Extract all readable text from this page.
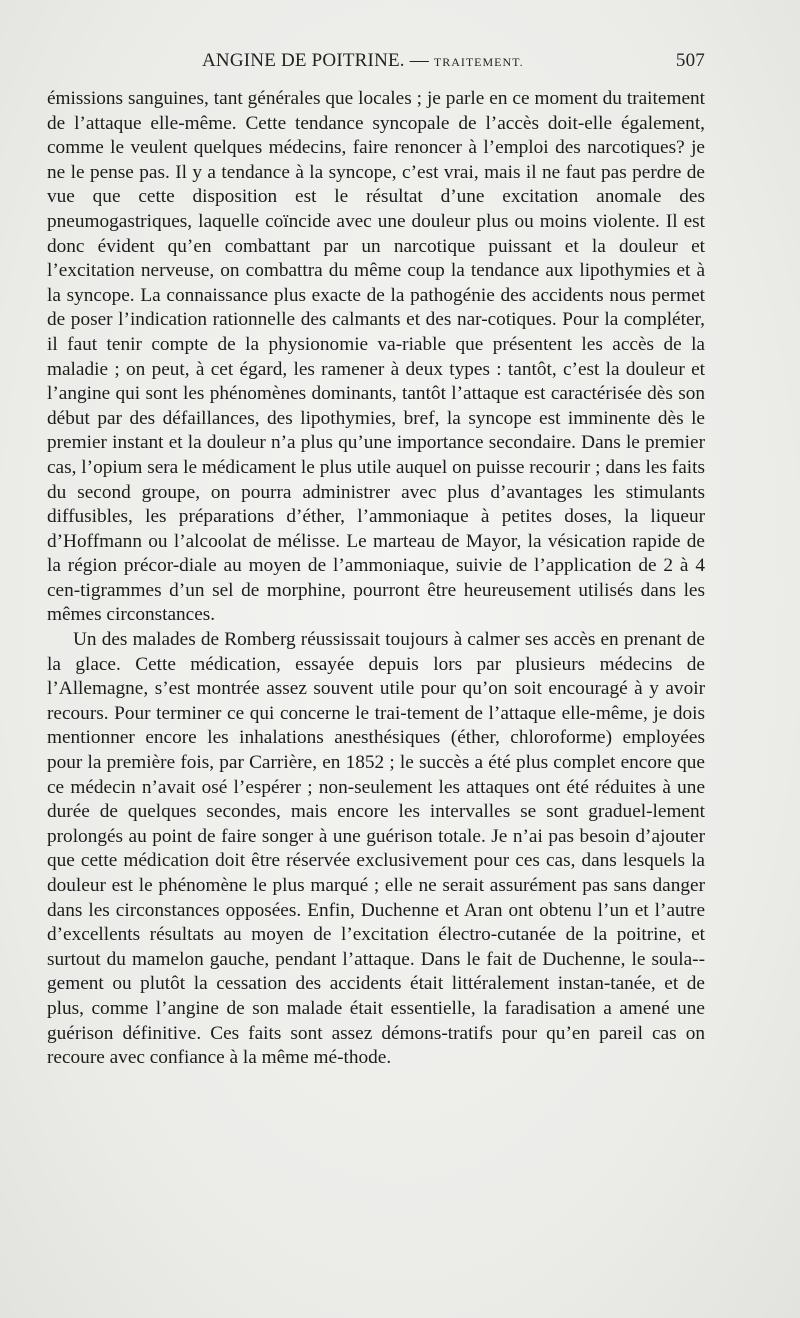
ANGINE DE POITRINE. — TRAITEMENT.	507

émissions sanguines, tant générales que locales ; je parle en ce moment du traitement de l’attaque elle-même. Cette tendance syncopale de l’accès doit-elle également, comme le veulent quelques médecins, faire renoncer à l’emploi des narcotiques? je ne le pense pas. Il y a tendance à la syncope, c’est vrai, mais il ne faut pas perdre de vue que cette disposition est le résultat d’une excitation anomale des pneumogastriques, laquelle coïncide avec une douleur plus ou moins violente. Il est donc évident qu’en combattant par un narcotique puissant et la douleur et l’excitation nerveuse, on combattra du même coup la tendance aux lipothymies et à la syncope. La connaissance plus exacte de la pathogénie des accidents nous permet de poser l’indication rationnelle des calmants et des nar-cotiques. Pour la compléter, il faut tenir compte de la physionomie va-riable que présentent les accès de la maladie ; on peut, à cet égard, les ramener à deux types : tantôt, c’est la douleur et l’angine qui sont les phénomènes dominants, tantôt l’attaque est caractérisée dès son début par des défaillances, des lipothymies, bref, la syncope est imminente dès le premier instant et la douleur n’a plus qu’une importance secondaire. Dans le premier cas, l’opium sera le médicament le plus utile auquel on puisse recourir ; dans les faits du second groupe, on pourra administrer avec plus d’avantages les stimulants diffusibles, les préparations d’éther, l’ammoniaque à petites doses, la liqueur d’Hoffmann ou l’alcoolat de mélisse. Le marteau de Mayor, la vésication rapide de la région précor-diale au moyen de l’ammoniaque, suivie de l’application de 2 à 4 cen-tigrammes d’un sel de morphine, pourront être heureusement utilisés dans les mêmes circonstances.

Un des malades de Romberg réussissait toujours à calmer ses accès en prenant de la glace. Cette médication, essayée depuis lors par plusieurs médecins de l’Allemagne, s’est montrée assez souvent utile pour qu’on soit encouragé à y avoir recours. Pour terminer ce qui concerne le trai-tement de l’attaque elle-même, je dois mentionner encore les inhalations anesthésiques (éther, chloroforme) employées pour la première fois, par Carrière, en 1852 ; le succès a été plus complet encore que ce médecin n’avait osé l’espérer ; non-seulement les attaques ont été réduites à une durée de quelques secondes, mais encore les intervalles se sont graduel-lement prolongés au point de faire songer à une guérison totale. Je n’ai pas besoin d’ajouter que cette médication doit être réservée exclusivement pour ces cas, dans lesquels la douleur est le phénomène le plus marqué ; elle ne serait assurément pas sans danger dans les circonstances opposées. Enfin, Duchenne et Aran ont obtenu l’un et l’autre d’excellents résultats au moyen de l’excitation électro-cutanée de la poitrine, et surtout du mamelon gauche, pendant l’attaque. Dans le fait de Duchenne, le soula-gement ou plutôt la cessation des accidents était littéralement instan-tanée, et de plus, comme l’angine de son malade était essentielle, la faradisation a amené une guérison définitive. Ces faits sont assez démons-tratifs pour qu’en pareil cas on recoure avec confiance à la même mé-thode.
